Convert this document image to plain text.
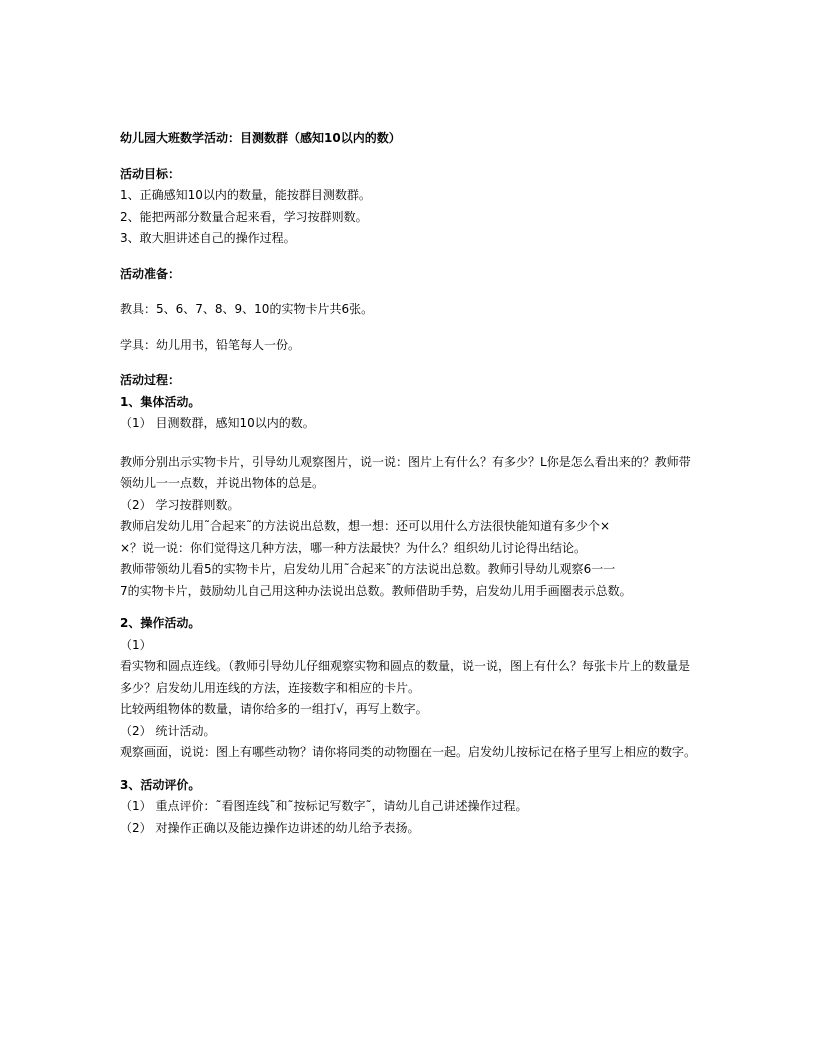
幼儿园大班数学活动：目测数群（感知10以内的数）

活动目标：

1、正确感知10以内的数量，能按群目测数群。

2、能把两部分数量合起来看，学习按群则数。

3、敢大胆讲述自己的操作过程。

活动准备：

教具：5、6、7、8、9、10的实物卡片共6张。

学具：幼儿用书，铅笔每人一份。

活动过程：

1、集体活动。

（1） 目测数群，感知10以内的数。

教师分别出示实物卡片，引导幼儿观察图片，说一说：图片上有什么？有多少？L你是怎么看出来的？教师带

领幼儿一一点数，并说出物体的总是。

（2） 学习按群则数。

教师启发幼儿用˜合起来˜的方法说出总数，想一想：还可以用什么方法很快能知道有多少个×

×？说一说：你们觉得这几种方法，哪一种方法最快？为什么？组织幼儿讨论得出结论。

教师带领幼儿看5的实物卡片，启发幼儿用˜合起来˜的方法说出总数。教师引导幼儿观察6一一

7的实物卡片，鼓励幼儿自己用这种办法说出总数。教师借助手势，启发幼儿用手画圈表示总数。

2、操作活动。

（1）

看实物和圆点连线。（教师引导幼儿仔细观察实物和圆点的数量，说一说，图上有什么？每张卡片上的数量是

多少？启发幼儿用连线的方法，连接数字和相应的卡片。

比较两组物体的数量，请你给多的一组打√，再写上数字。

（2） 统计活动。

观察画面，说说：图上有哪些动物？请你将同类的动物圈在一起。启发幼儿按标记在格子里写上相应的数字。

3、活动评价。

（1） 重点评价：˜看图连线˜和˜按标记写数字˜，请幼儿自己讲述操作过程。

（2） 对操作正确以及能边操作边讲述的幼儿给予表扬。
